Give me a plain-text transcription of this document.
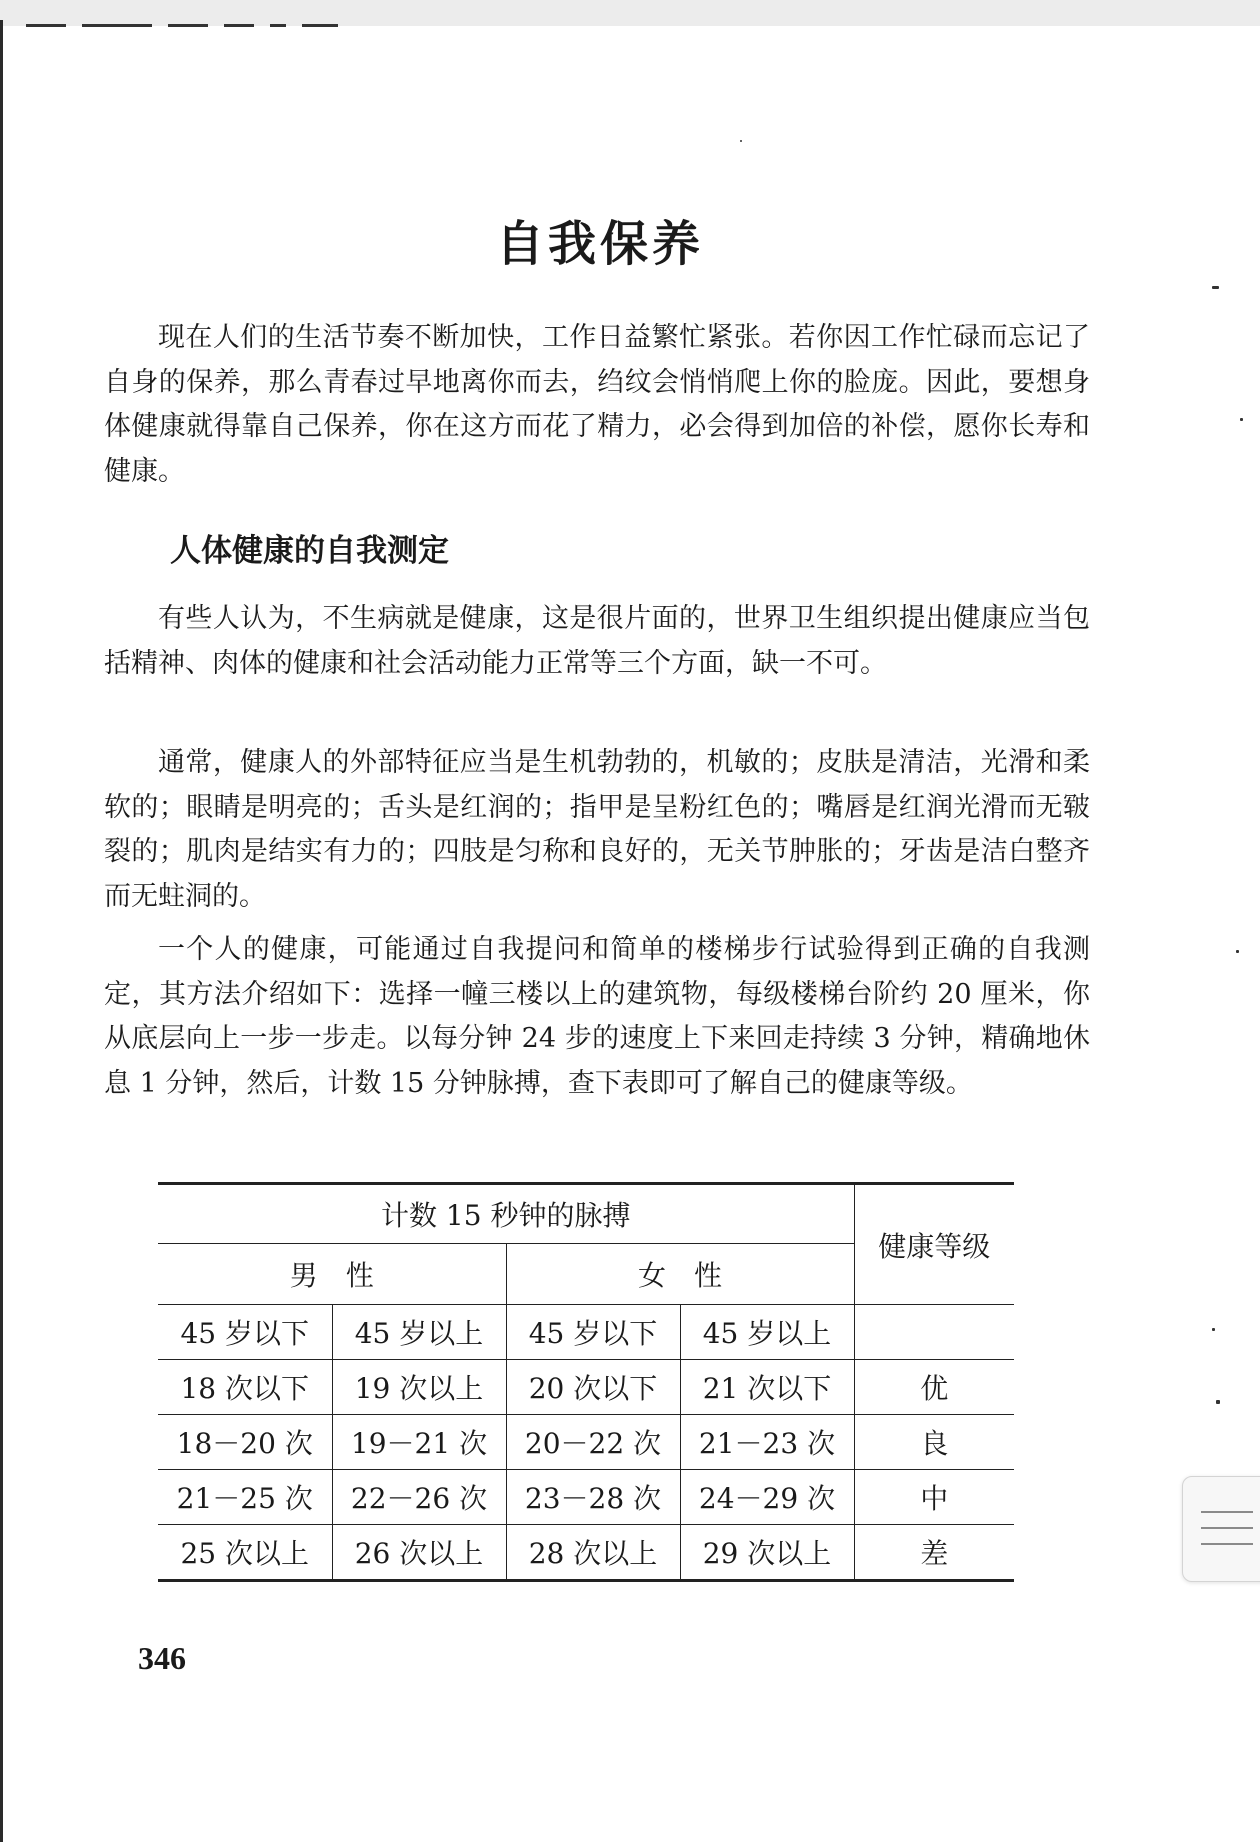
自我保养

现在人们的生活节奏不断加快，工作日益繁忙紧张。若你因工作忙碌而忘记了自身的保养，那么青春过早地离你而去，绉纹会悄悄爬上你的脸庞。因此，要想身体健康就得靠自己保养，你在这方而花了精力，必会得到加倍的补偿，愿你长寿和健康。

人体健康的自我测定

有些人认为，不生病就是健康，这是很片面的，世界卫生组织提出健康应当包括精神、肉体的健康和社会活动能力正常等三个方面，缺一不可。

通常，健康人的外部特征应当是生机勃勃的，机敏的；皮肤是清洁，光滑和柔软的；眼睛是明亮的；舌头是红润的；指甲是呈粉红色的；嘴唇是红润光滑而无皲裂的；肌肉是结实有力的；四肢是匀称和良好的，无关节肿胀的；牙齿是洁白整齐而无蛀洞的。

一个人的健康，可能通过自我提问和简单的楼梯步行试验得到正确的自我测定，其方法介绍如下：选择一幢三楼以上的建筑物，每级楼梯台阶约 20 厘米，你从底层向上一步一步走。以每分钟 24 步的速度上下来回走持续 3 分钟，精确地休息 1 分钟，然后，计数 15 分钟脉搏，查下表即可了解自己的健康等级。

计数 15 秒钟的脉搏				健康等级
男　性		女　性		
45 岁以下	45 岁以上	45 岁以下	45 岁以上	
18 次以下	19 次以上	20 次以下	21 次以下	优
18－20 次	19－21 次	20－22 次	21－23 次	良
21－25 次	22－26 次	23－28 次	24－29 次	中
25 次以上	26 次以上	28 次以上	29 次以上	差
346
